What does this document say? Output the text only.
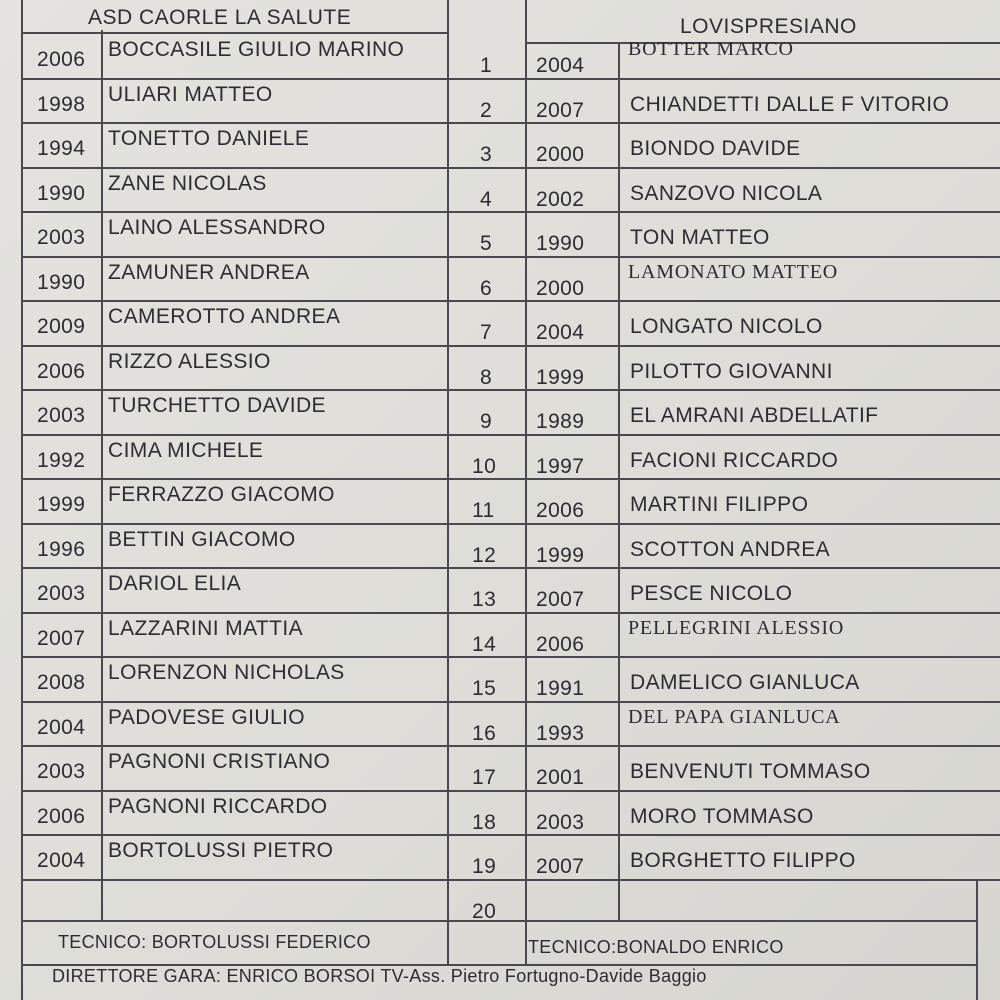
ASD CAORLE LA SALUTE	LOVISPRESIANO
2006 BOCCASILE GIULIO MARINO
1 2004
BOTTER MARCO
1998 ULIARI MATTEO
2 2007 CHIANDETTI DALLE F VITORIO
1994 TONETTO DANIELE
3 2000 BIONDO DAVIDE
1990 ZANE NICOLAS
4 2002 SANZOVO NICOLA
2003 LAINO ALESSANDRO
5 1990 TON MATTEO
1990 ZAMUNER ANDREA
6 2000
LAMONATO MATTEO
2009 CAMEROTTO ANDREA
7 2004 LONGATO NICOLO
2006 RIZZO ALESSIO
8 1999 PILOTTO GIOVANNI
2003 TURCHETTO DAVIDE
9 1989 EL AMRANI ABDELLATIF
1992 CIMA MICHELE
10 1997 FACIONI RICCARDO
1999 FERRAZZO GIACOMO
11 2006 MARTINI FILIPPO
1996 BETTIN GIACOMO
12 1999 SCOTTON ANDREA
2003 DARIOL ELIA
13 2007 PESCE NICOLO
2007 LAZZARINI MATTIA
14 2006
PELLEGRINI ALESSIO
2008 LORENZON NICHOLAS
15 1991 DAMELICO GIANLUCA
2004 PADOVESE GIULIO
16 1993
DEL PAPA GIANLUCA
2003 PAGNONI CRISTIANO
17 2001 BENVENUTI TOMMASO
2006 PAGNONI RICCARDO
18 2003 MORO TOMMASO
2004 BORTOLUSSI PIETRO
19 2007 BORGHETTO FILIPPO
20
TECNICO: BORTOLUSSI FEDERICO	TECNICO:BONALDO ENRICO
DIRETTORE GARA: ENRICO BORSOI TV-Ass. Pietro Fortugno-Davide Baggio
